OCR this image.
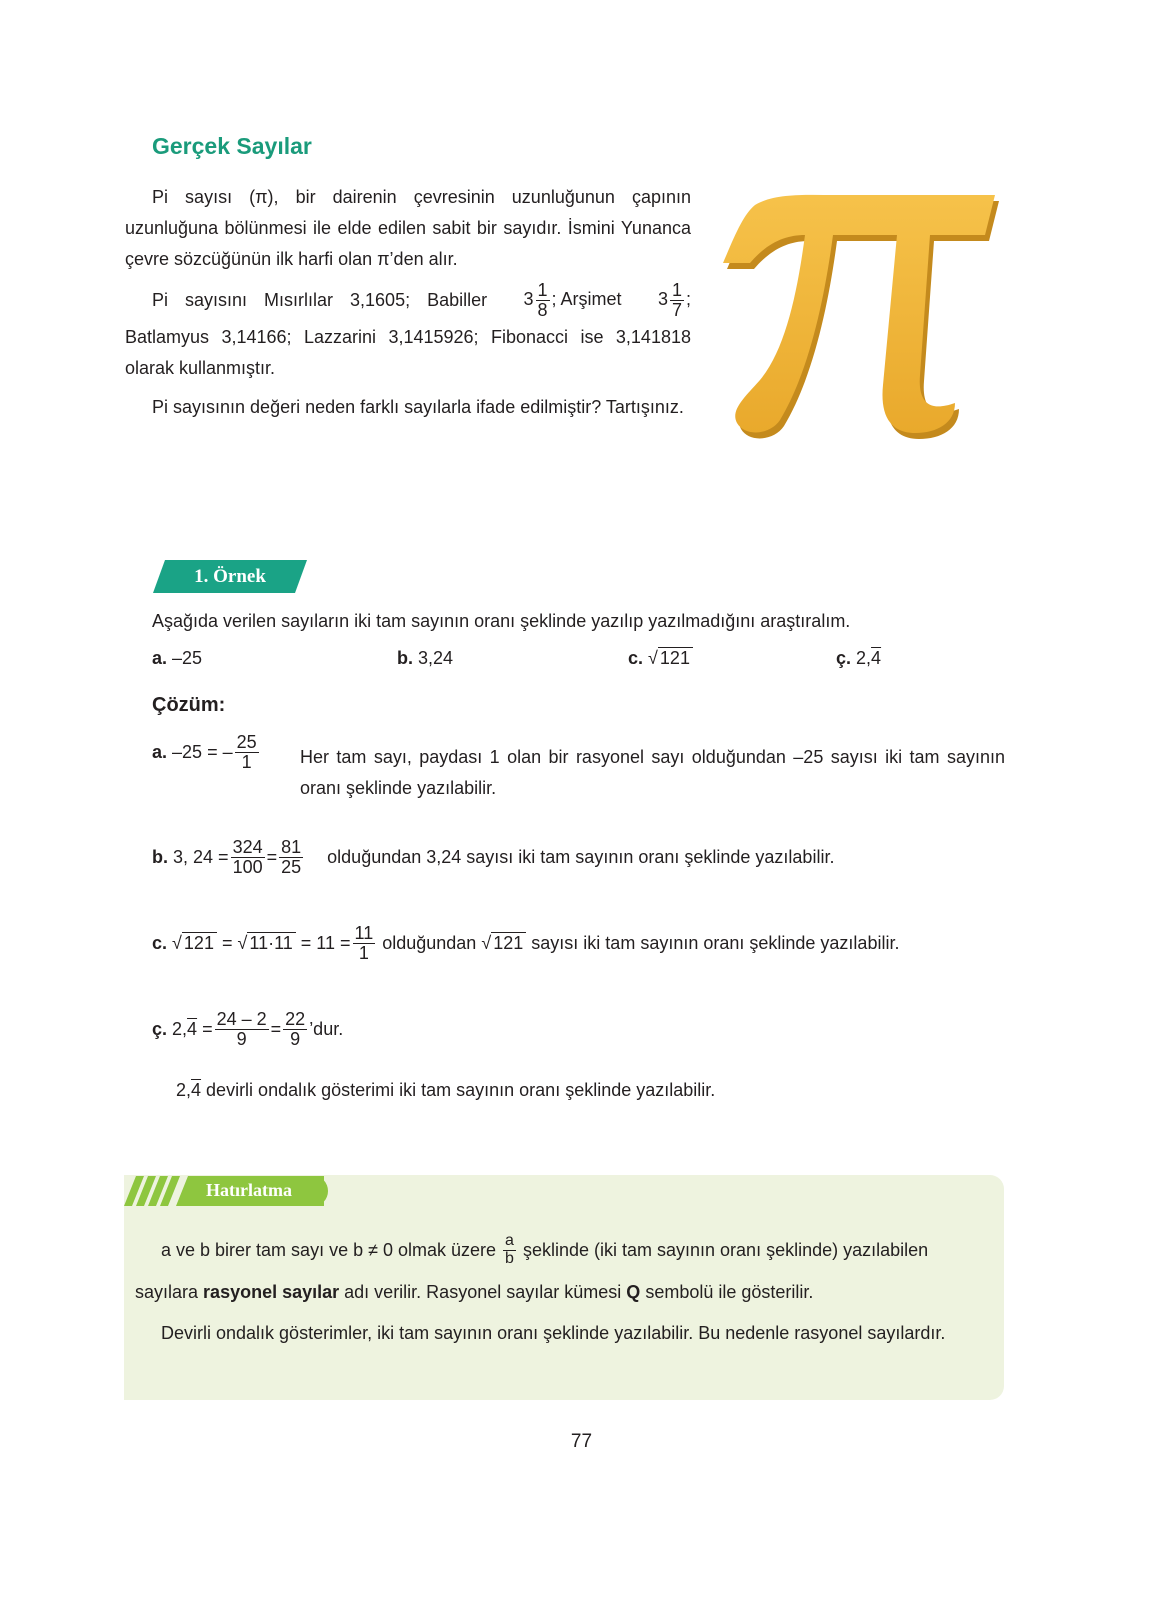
Gerçek Sayılar
Pi sayısı (π), bir dairenin çevresinin uzunluğunun çapının uzunluğuna bölünmesi ile elde edilen sabit bir sayıdır. İsmini Yunanca çevre sözcüğünün ilk harfi olan π’den alır.
Pi sayısını Mısırlılar 3,1605; Babiller $3 \frac{1}{8}$ ; Arşimet $3 \frac{1}{7}$ ;
Batlamyus 3,14166; Lazzarini 3,1415926; Fibonacci ise 3,141818 olarak kullanmıştır.
Pi sayısının değeri neden farklı sayılarla ifade edilmiştir? Tartışınız.
1. Örnek
Aşağıda verilen sayıların iki tam sayının oranı şeklinde yazılıp yazılmadığını araştıralım.
a. –25	b. 3,24	c. √ 121	ç. 2,4
Çözüm:
a.
–25 = – $\frac{25}{1}$ Her tam sayı, paydası 1 olan bir rasyonel sayı olduğundan –25 sayısı iki tam sayının oranı şeklinde yazılabilir.
b.
3, $24 = \frac{324}{100} = \frac{81}{25}$ olduğundan 3,24 sayısı iki tam sayının oranı şeklinde yazılabilir.
c.
√ 121
=
√ 11·11
= $11 = \frac{11}{1}$
olduğundan
√ 121
sayısı iki tam sayının oranı şeklinde yazılabilir.
ç.
2, 4
= $\frac{24 - 2}{9} = \frac{22}{9}$ ’dur.
2,4 devirli ondalık gösterimi iki tam sayının oranı şeklinde yazılabilir.
Hatırlatma
a ve b birer tam sayı ve b ≠ 0 olmak üzere
$\frac{a}{b}$
şeklinde (iki tam sayının oranı şeklinde) yazılabilen
sayılara rasyonel sayılar adı verilir. Rasyonel sayılar kümesi Q sembolü ile gösterilir.
Devirli ondalık gösterimler, iki tam sayının oranı şeklinde yazılabilir. Bu nedenle rasyonel sayılardır.
77
